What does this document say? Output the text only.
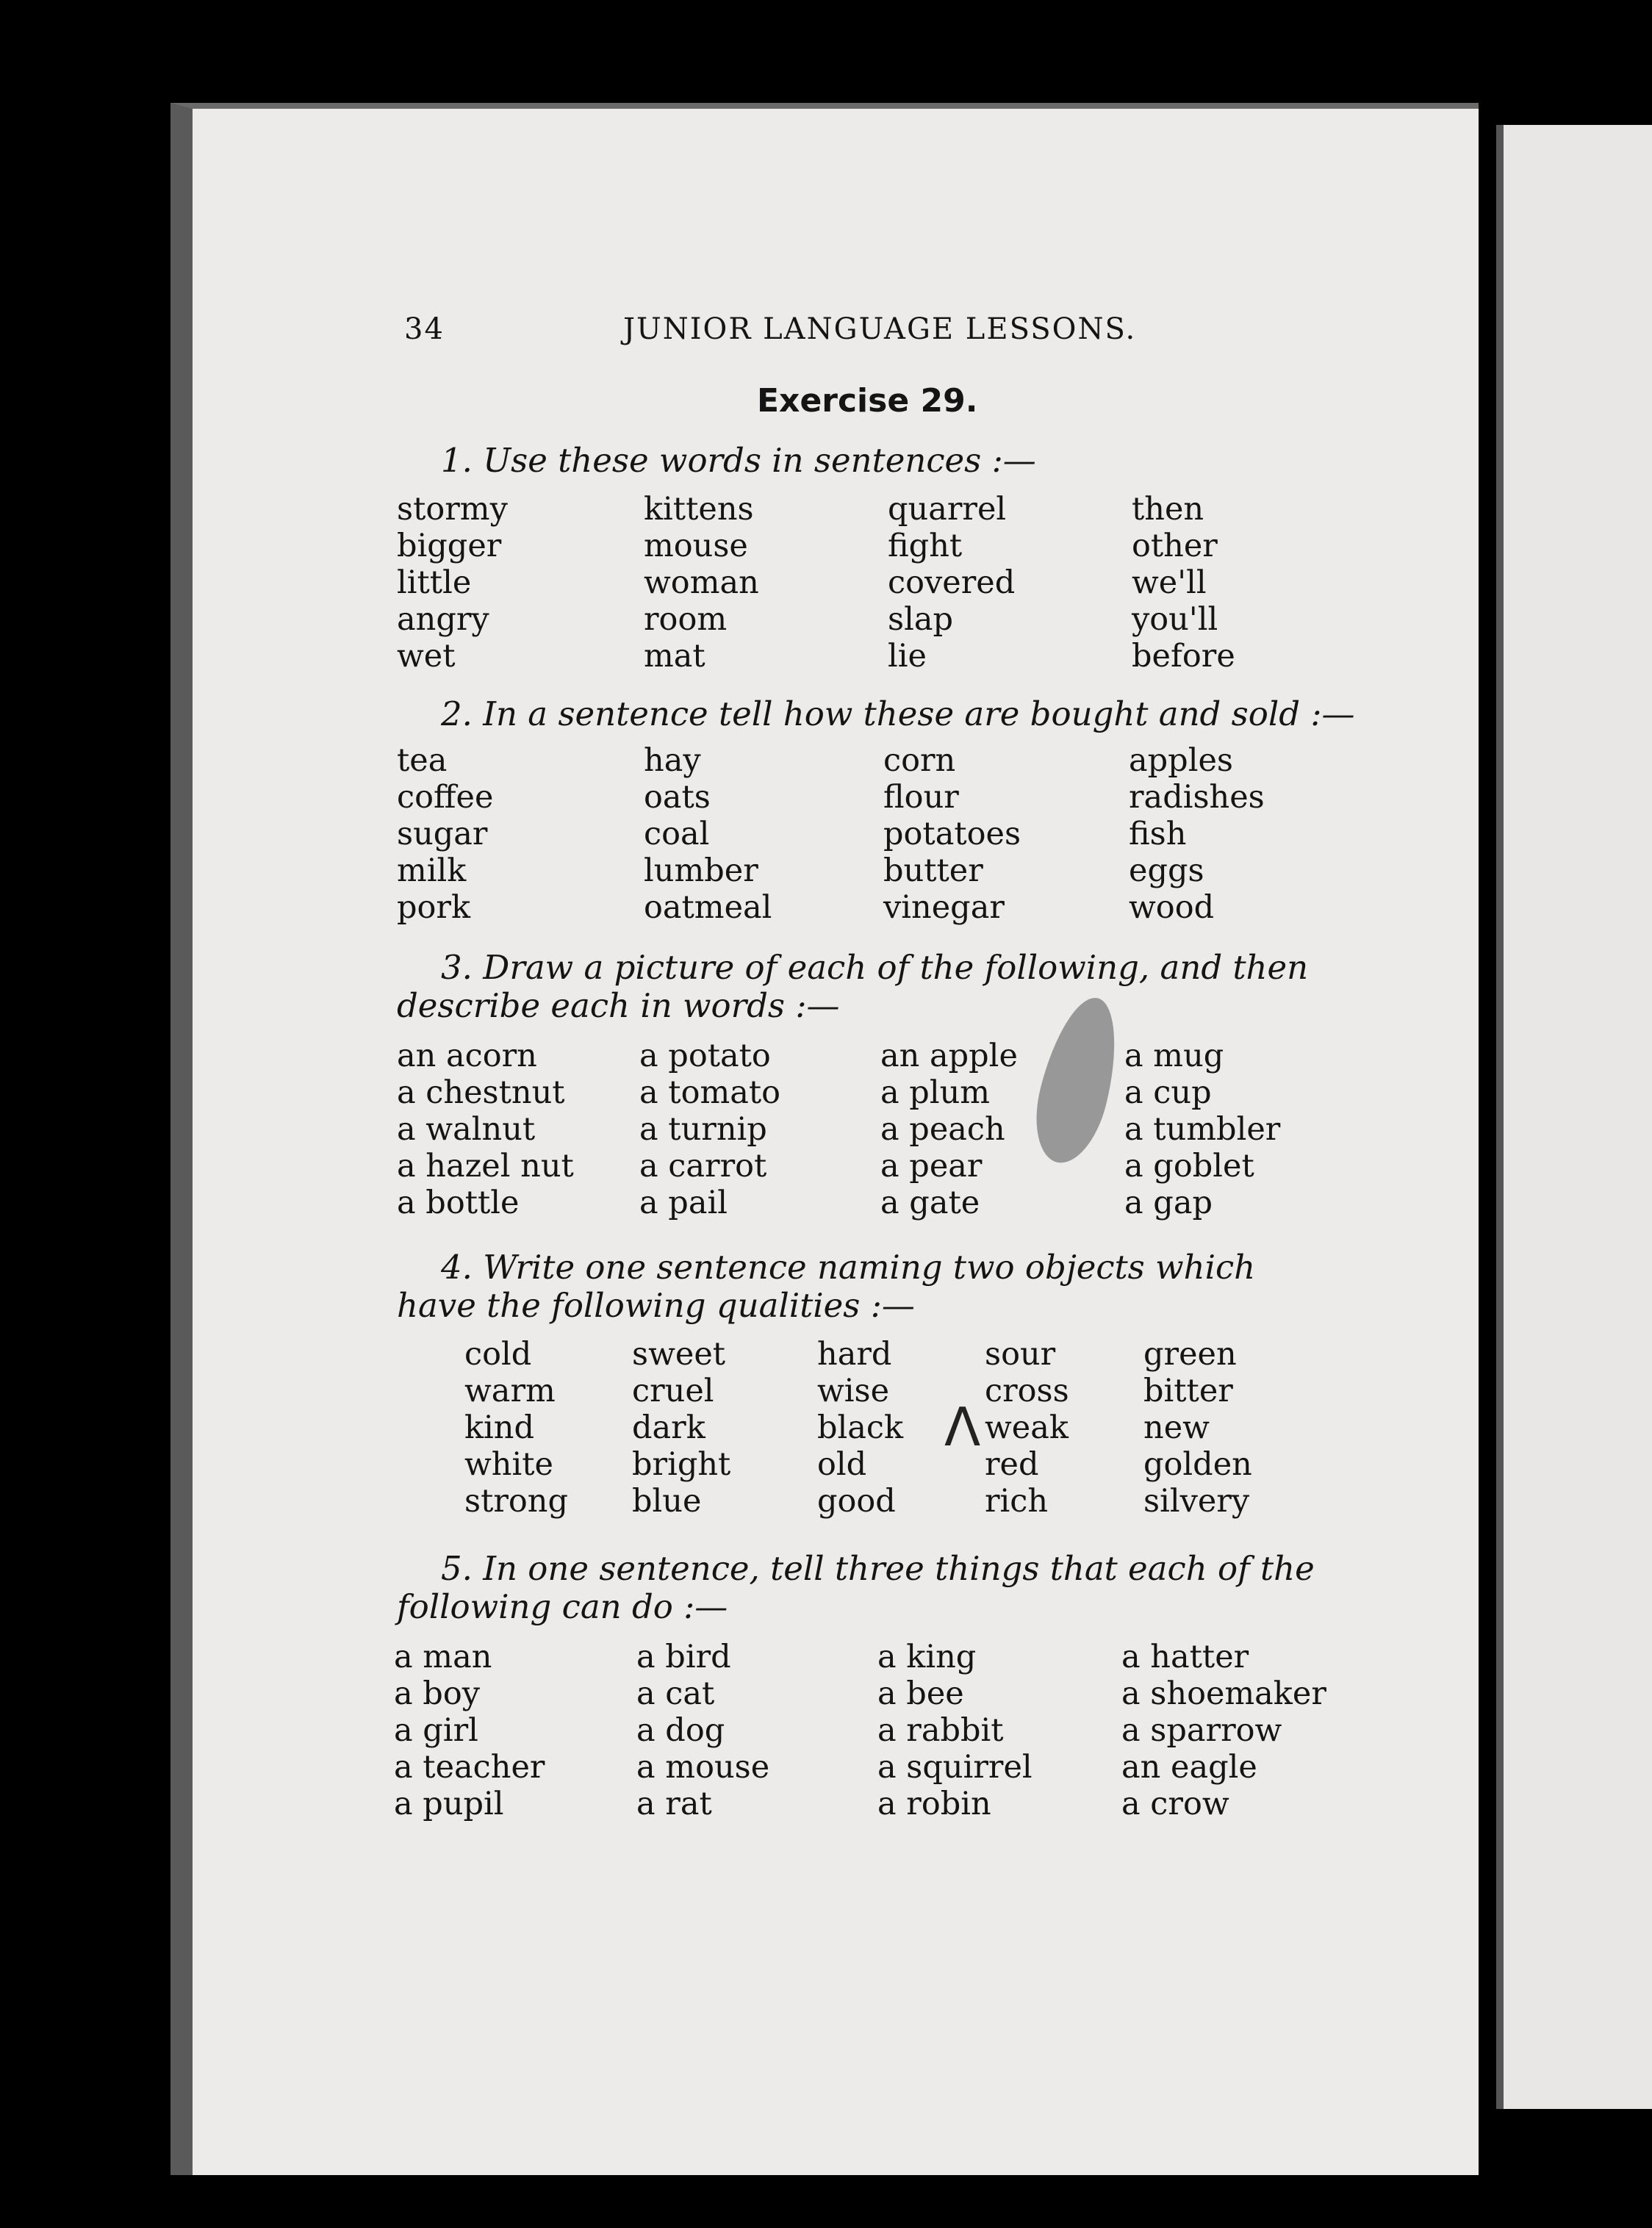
34	JUNIOR LANGUAGE LESSONS.
Exercise 29.
1. Use these words in sentences :—
stormy
bigger
little
angry
wet
kittens
mouse
woman
room
mat
quarrel
fight
covered
slap
lie
then
other
we'll
you'll
before
2. In a sentence tell how these are bought and sold :—
tea
coffee
sugar
milk
pork
hay
oats
coal
lumber
oatmeal
corn
flour
potatoes
butter
vinegar
apples
radishes
fish
eggs
wood
3. Draw a picture of each of the following, and then
describe each in words :—
an acorn
a chestnut
a walnut
a hazel nut
a bottle
a potato
a tomato
a turnip
a carrot
a pail
an apple
a plum
a peach
a pear
a gate
a mug
a cup
a tumbler
a goblet
a gap
4. Write one sentence naming two objects which
have the following qualities :—
cold
warm
kind
white
strong
sweet
cruel
dark
bright
blue
hard
wise
black
old
good
sour
cross
weak
red
rich
green
bitter
new
golden
silvery
Λ
5. In one sentence, tell three things that each of the
following can do :—
a man
a boy
a girl
a teacher
a pupil
a bird
a cat
a dog
a mouse
a rat
a king
a bee
a rabbit
a squirrel
a robin
a hatter
a shoemaker
a sparrow
an eagle
a crow
